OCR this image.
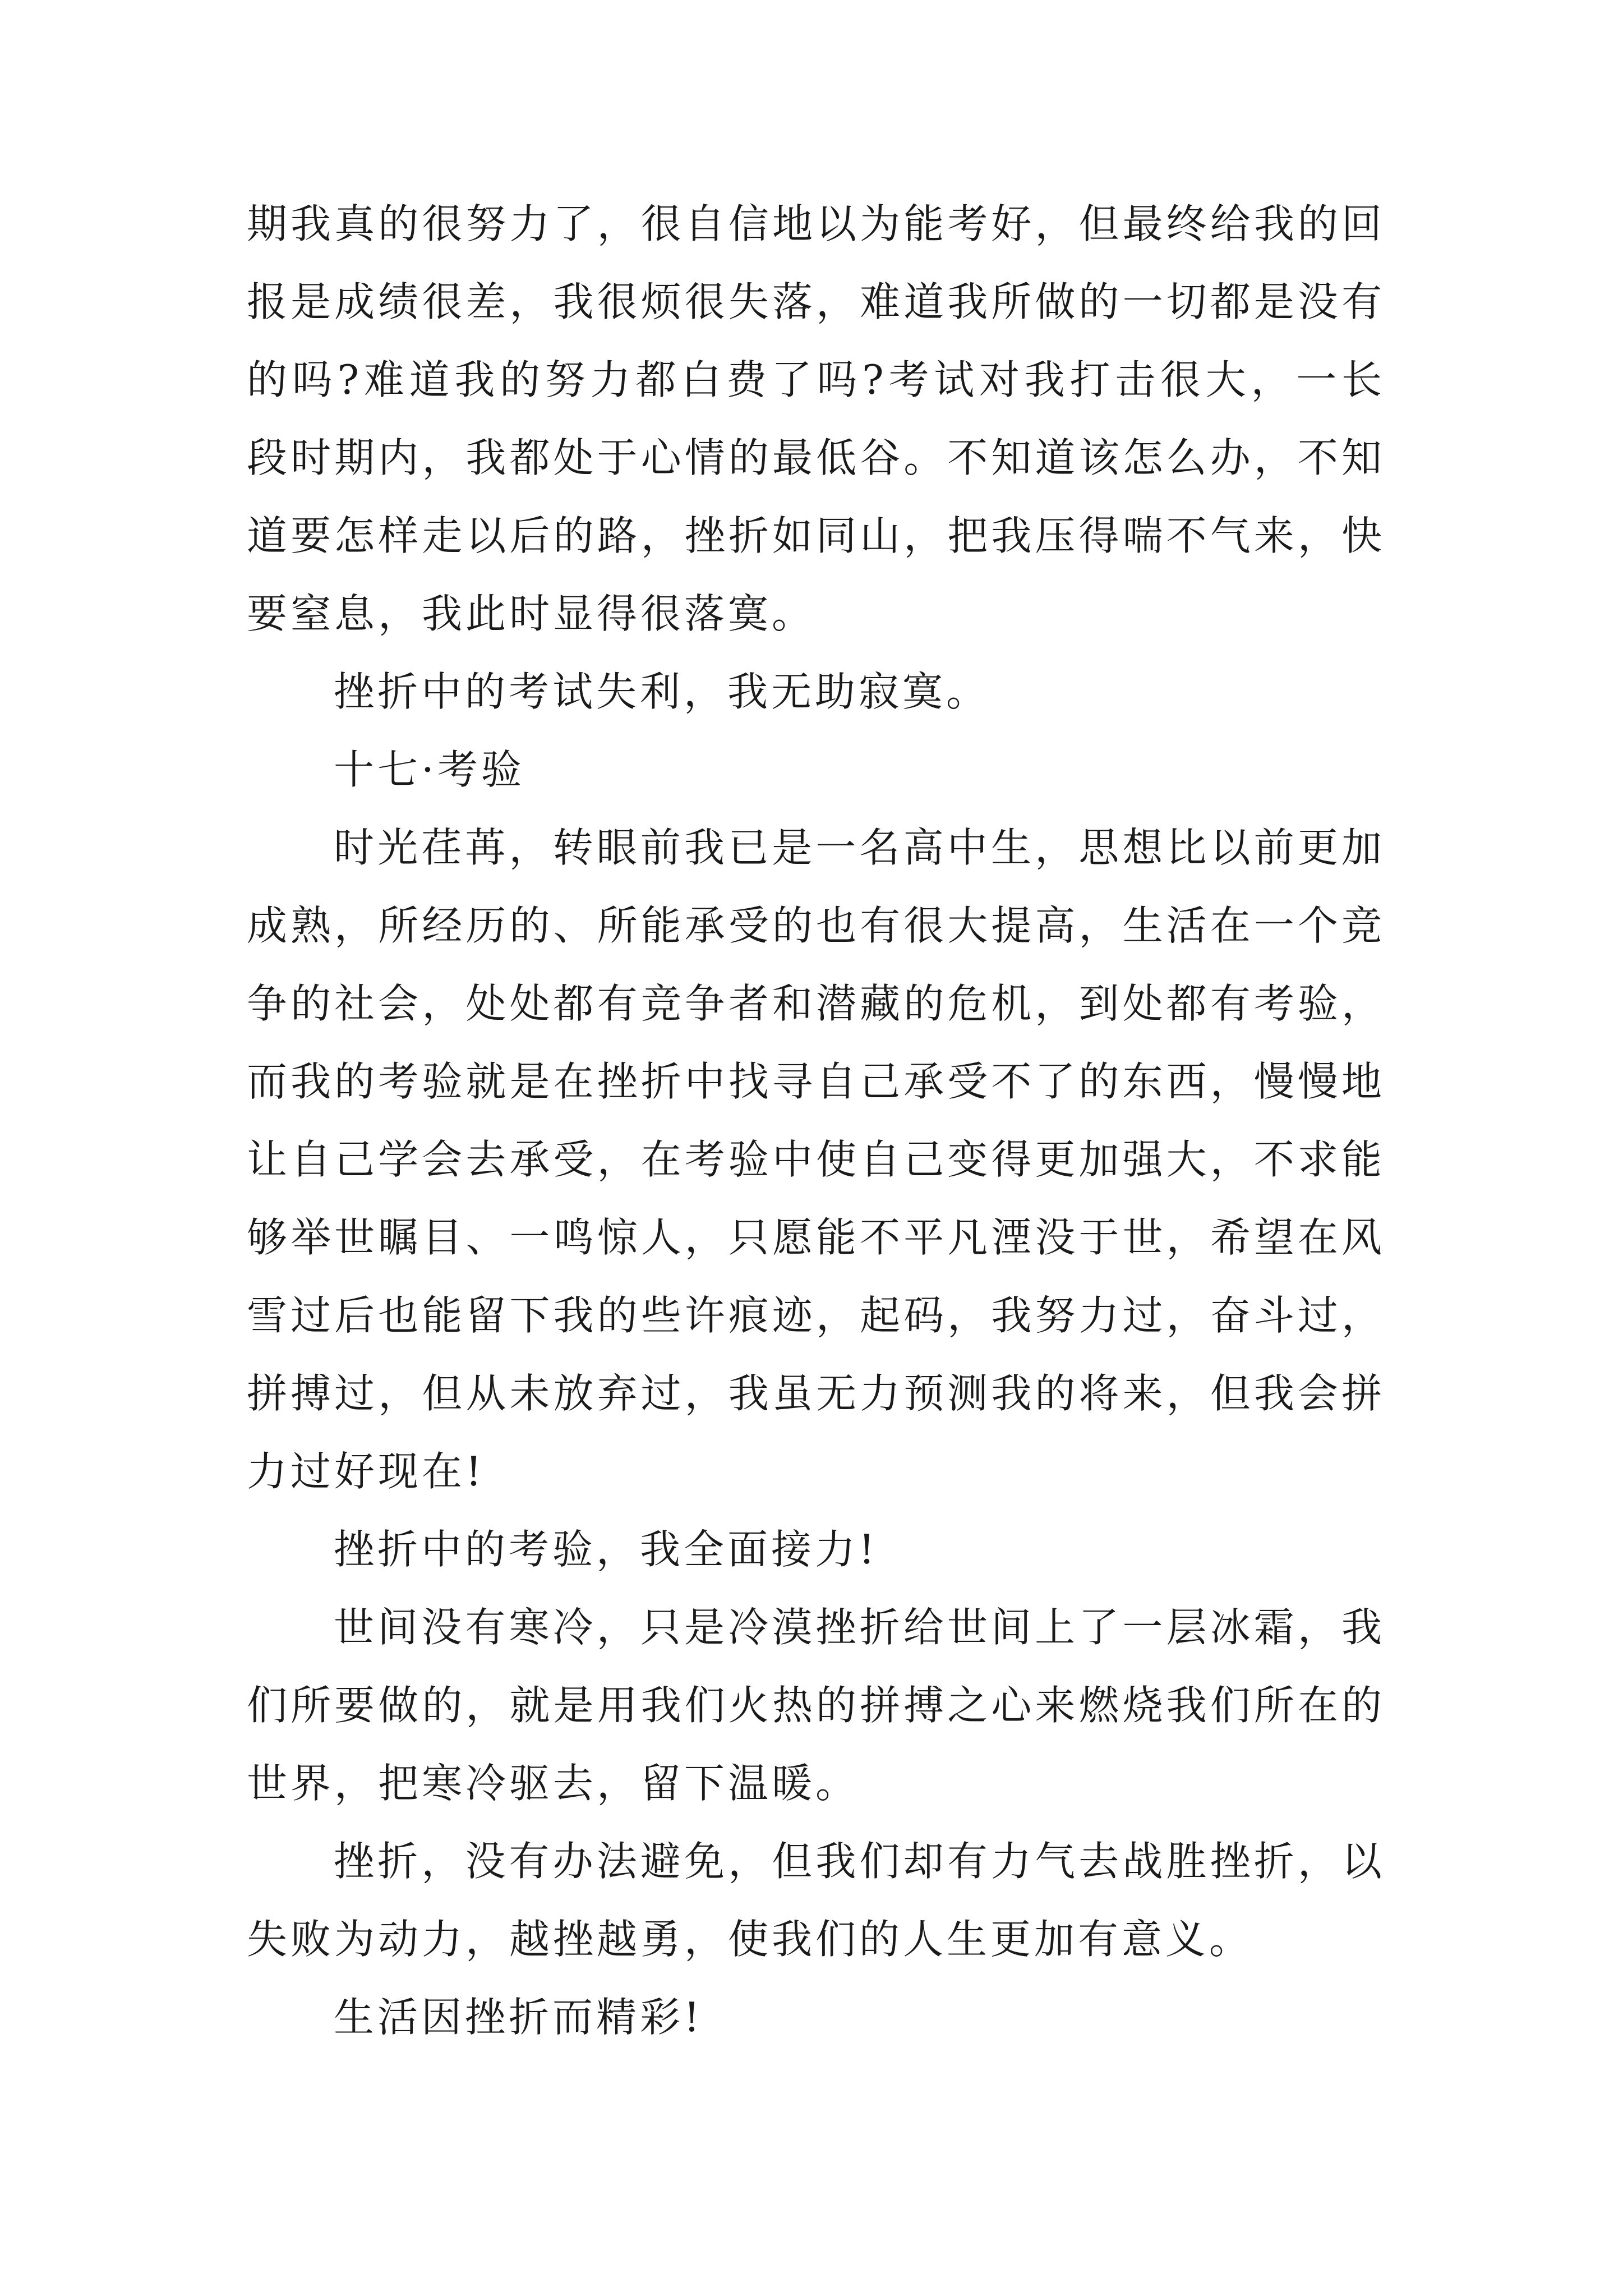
期我真的很努力了，很自信地以为能考好，但最终给我的回报是成绩很差，我很烦很失落，难道我所做的一切都是没有的吗?难道我的努力都白费了吗?考试对我打击很大，一长段时期内，我都处于心情的最低谷。不知道该怎么办，不知道要怎样走以后的路，挫折如同山，把我压得喘不气来，快要窒息，我此时显得很落寞。

挫折中的考试失利，我无助寂寞。

十七·考验

时光荏苒，转眼前我已是一名高中生，思想比以前更加成熟，所经历的、所能承受的也有很大提高，生活在一个竞争的社会，处处都有竞争者和潜藏的危机，到处都有考验，而我的考验就是在挫折中找寻自己承受不了的东西，慢慢地让自己学会去承受，在考验中使自己变得更加强大，不求能够举世瞩目、一鸣惊人，只愿能不平凡湮没于世，希望在风雪过后也能留下我的些许痕迹，起码，我努力过，奋斗过，拼搏过，但从未放弃过，我虽无力预测我的将来，但我会拼力过好现在!

挫折中的考验，我全面接力!

世间没有寒冷，只是冷漠挫折给世间上了一层冰霜，我们所要做的，就是用我们火热的拼搏之心来燃烧我们所在的世界，把寒冷驱去，留下温暖。

挫折，没有办法避免，但我们却有力气去战胜挫折，以失败为动力，越挫越勇，使我们的人生更加有意义。

生活因挫折而精彩!
